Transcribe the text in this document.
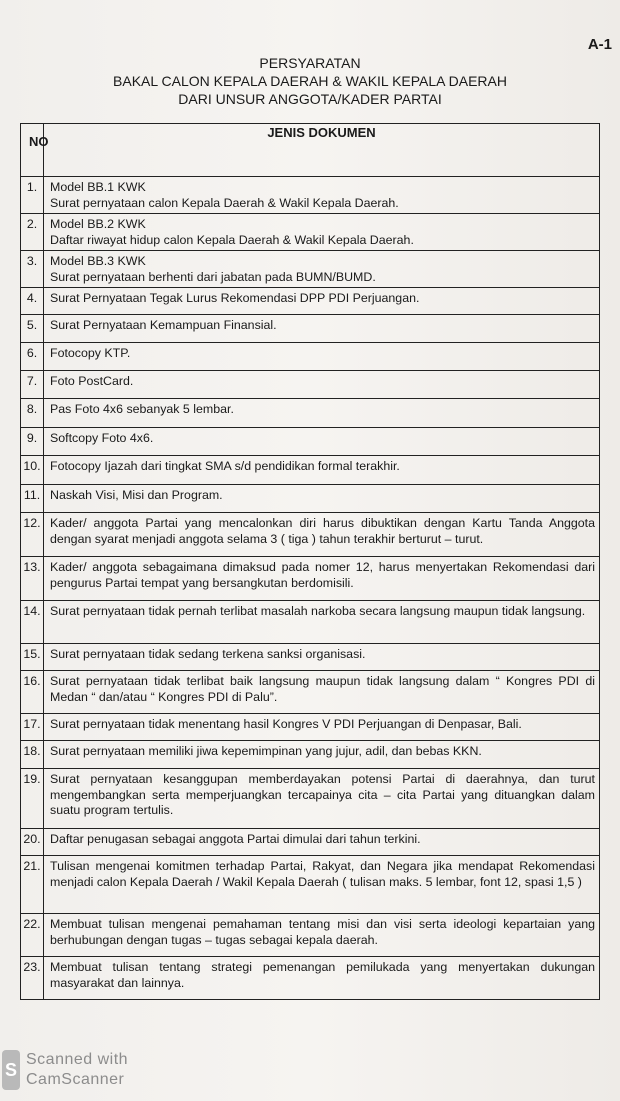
A-1
PERSYARATAN
BAKAL CALON KEPALA DAERAH & WAKIL KEPALA DAERAH
DARI UNSUR ANGGOTA/KADER PARTAI
NO	JENIS DOKUMEN
1.	Model BB.1 KWK
Surat pernyataan calon Kepala Daerah & Wakil Kepala Daerah.

2.	Model BB.2 KWK
Daftar riwayat hidup calon Kepala Daerah & Wakil Kepala Daerah.

3.	Model BB.3 KWK
Surat pernyataan berhenti dari jabatan pada BUMN/BUMD.

4.	Surat Pernyataan Tegak Lurus Rekomendasi DPP PDI Perjuangan.
5.	Surat Pernyataan Kemampuan Finansial.
6.	Fotocopy KTP.
7.	Foto PostCard.
8.	Pas Foto 4x6 sebanyak 5 lembar.
9.	Softcopy Foto 4x6.
10.	Fotocopy Ijazah dari tingkat SMA s/d pendidikan formal terakhir.
11.	Naskah Visi, Misi dan Program.
12.	Kader/ anggota Partai yang mencalonkan diri harus dibuktikan dengan Kartu Tanda Anggota dengan syarat menjadi anggota selama 3 ( tiga ) tahun terakhir berturut – turut.
13.	Kader/ anggota sebagaimana dimaksud pada nomer 12, harus menyertakan Rekomendasi dari pengurus Partai tempat yang bersangkutan berdomisili.
14.	Surat pernyataan tidak pernah terlibat masalah narkoba secara langsung maupun tidak langsung.
15.	Surat pernyataan tidak sedang terkena sanksi organisasi.
16.	Surat pernyataan tidak terlibat baik langsung maupun tidak langsung dalam “ Kongres PDI di Medan “ dan/atau “ Kongres PDI di Palu”.
17.	Surat pernyataan tidak menentang hasil Kongres V PDI Perjuangan di Denpasar, Bali.
18.	Surat pernyataan memiliki jiwa kepemimpinan yang jujur, adil, dan bebas KKN.
19.	Surat pernyataan kesanggupan memberdayakan potensi Partai di daerahnya, dan turut mengembangkan serta memperjuangkan tercapainya cita – cita Partai yang dituangkan dalam suatu program tertulis.
20.	Daftar penugasan sebagai anggota Partai dimulai dari tahun terkini.
21.	Tulisan mengenai komitmen terhadap Partai, Rakyat, dan Negara jika mendapat Rekomendasi menjadi calon Kepala Daerah / Wakil Kepala Daerah ( tulisan maks. 5 lembar, font 12, spasi 1,5 )
22.	Membuat tulisan mengenai pemahaman tentang misi dan visi serta ideologi kepartaian yang berhubungan dengan tugas – tugas sebagai kepala daerah.
23.	Membuat tulisan tentang strategi pemenangan pemilukada yang menyertakan dukungan masyarakat dan lainnya.
S Scanned with
CamScanner
